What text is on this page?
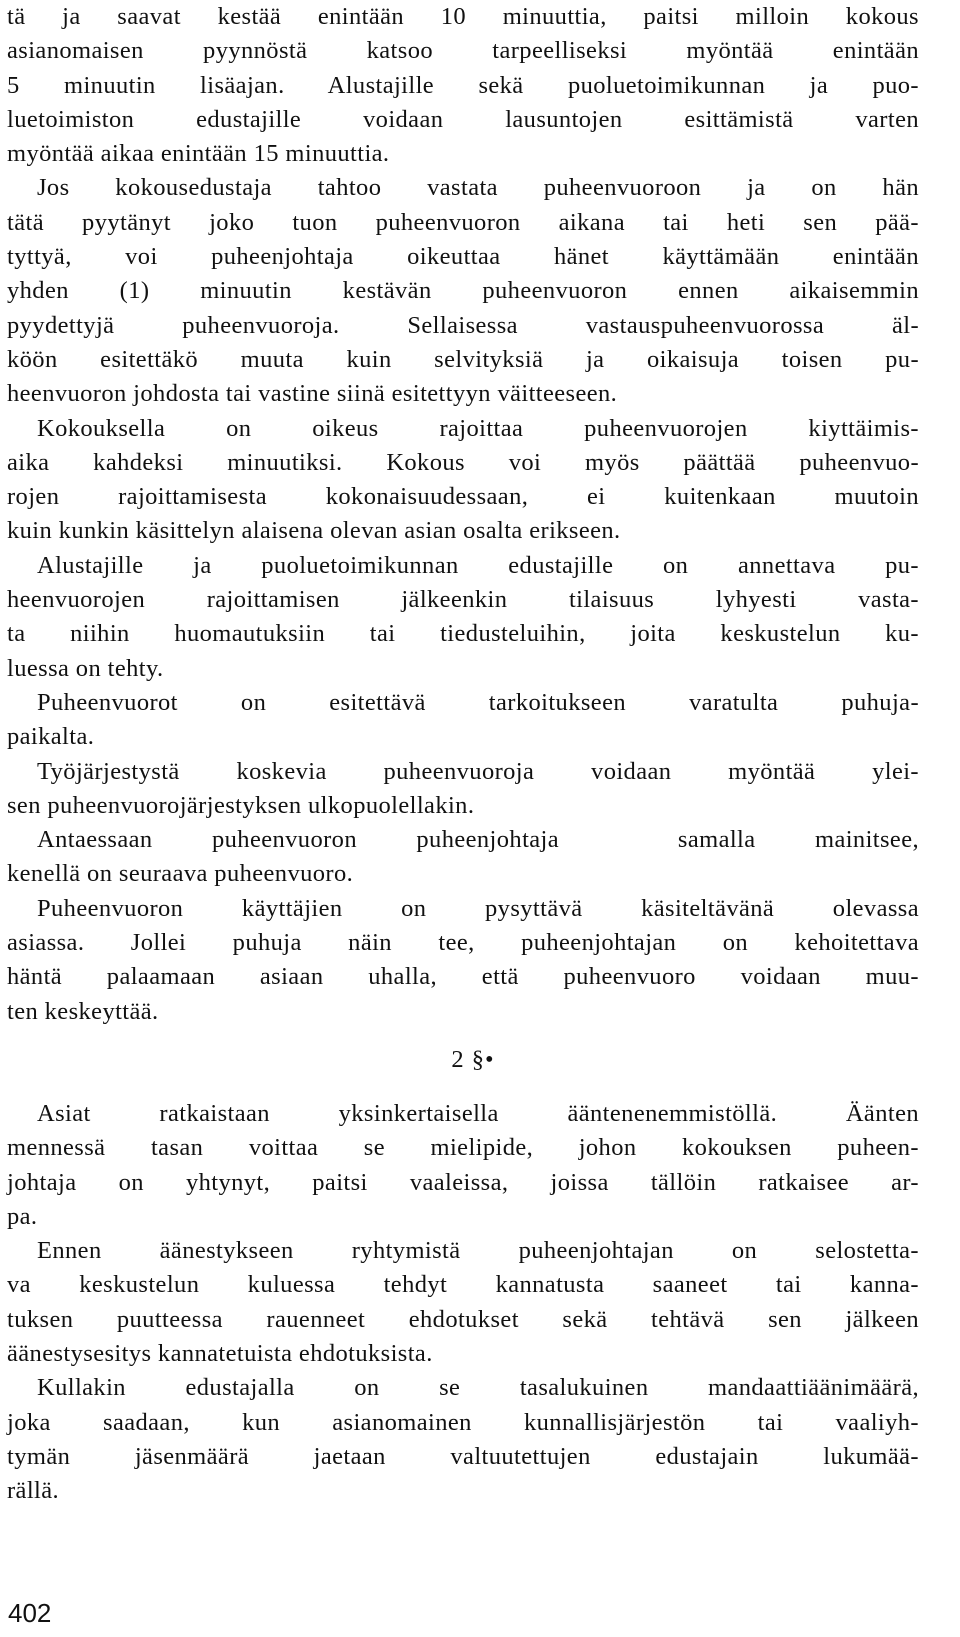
tä ja saavat kestää enintään 10 minuuttia, paitsi milloin kokous
asianomaisen pyynnöstä katsoo tarpeelliseksi myöntää enintään
5 minuutin lisäajan. Alustajille sekä puoluetoimikunnan ja puo-
luetoimiston edustajille voidaan lausuntojen esittämistä varten
myöntää aikaa enintään 15 minuuttia.
Jos kokousedustaja tahtoo vastata puheenvuoroon ja on hän
tätä pyytänyt joko tuon puheenvuoron aikana tai heti sen pää-
tyttyä, voi puheenjohtaja oikeuttaa hänet käyttämään enintään
yhden (1) minuutin kestävän puheenvuoron ennen aikaisemmin
pyydettyjä puheenvuoroja. Sellaisessa vastauspuheenvuorossa äl-
köön esitettäkö muuta kuin selvityksiä ja oikaisuja toisen pu-
heenvuoron johdosta tai vastine siinä esitettyyn väitteeseen.
Kokouksella on oikeus rajoittaa puheenvuorojen kiyttäimis-
aika kahdeksi minuutiksi. Kokous voi myös päättää puheenvuo-
rojen rajoittamisesta kokonaisuudessaan, ei kuitenkaan muutoin
kuin kunkin käsittelyn alaisena olevan asian osalta erikseen.
Alustajille ja puoluetoimikunnan edustajille on annettava pu-
heenvuorojen rajoittamisen jälkeenkin tilaisuus lyhyesti vasta-
ta niihin huomautuksiin tai tiedusteluihin, joita keskustelun ku-
luessa on tehty.
Puheenvuorot on esitettävä tarkoitukseen varatulta puhuja-
paikalta.
Työjärjestystä koskevia puheenvuoroja voidaan myöntää ylei-
sen puheenvuorojärjestyksen ulkopuolellakin.
Antaessaan puheenvuoron puheenjohtaja  samalla mainitsee,
kenellä on seuraava puheenvuoro.
Puheenvuoron käyttäjien on pysyttävä käsiteltävänä olevassa
asiassa. Jollei puhuja näin tee, puheenjohtajan on kehoitettava
häntä palaamaan asiaan uhalla, että puheenvuoro voidaan muu-
ten keskeyttää.
2 §•
Asiat ratkaistaan yksinkertaisella ääntenenemmistöllä. Äänten
mennessä tasan voittaa se mielipide, johon kokouksen puheen-
johtaja on yhtynyt, paitsi vaaleissa, joissa tällöin ratkaisee ar-
pa.
Ennen äänestykseen ryhtymistä puheenjohtajan on selostetta-
va keskustelun kuluessa tehdyt kannatusta saaneet tai kanna-
tuksen puutteessa rauenneet ehdotukset sekä tehtävä sen jälkeen
äänestysesitys kannatetuista ehdotuksista.
Kullakin edustajalla on se tasalukuinen mandaattiäänimäärä,
joka saadaan, kun asianomainen kunnallisjärjestön tai vaaliyh-
tymän jäsenmäärä jaetaan valtuutettujen edustajain lukumää-
rällä.
402
